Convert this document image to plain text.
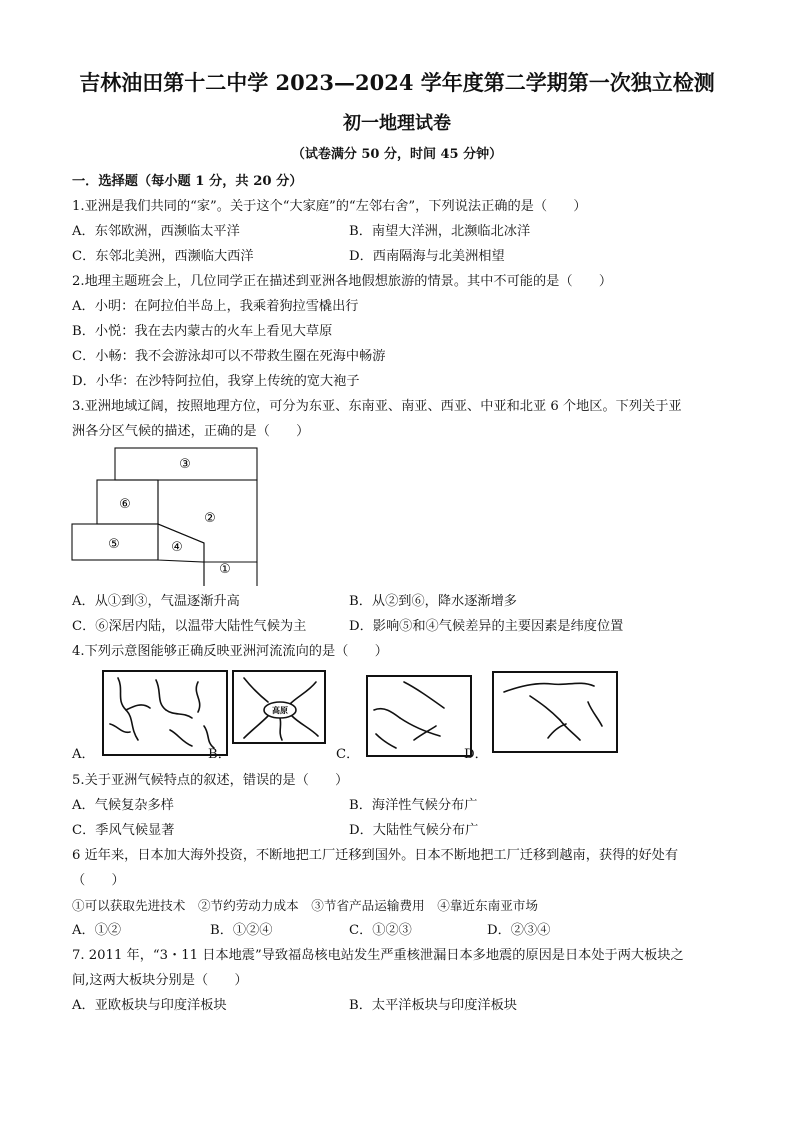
吉林油田第十二中学 2023—2024 学年度第二学期第一次独立检测
初一地理试卷
（试卷满分 50 分，时间 45 分钟）
一．选择题（每小题 1 分，共 20 分）
1.亚洲是我们共同的“家”。关于这个“大家庭”的“左邻右舍”，下列说法正确的是（　　）
A．东邻欧洲，西濒临太平洋	B．南望大洋洲，北濒临北冰洋
C．东邻北美洲，西濒临大西洋	D．西南隔海与北美洲相望
2.地理主题班会上，几位同学正在描述到亚洲各地假想旅游的情景。其中不可能的是（　　）
A．小明：在阿拉伯半岛上，我乘着狗拉雪橇出行
B．小悦：我在去内蒙古的火车上看见大草原
C．小畅：我不会游泳却可以不带救生圈在死海中畅游
D．小华：在沙特阿拉伯，我穿上传统的宽大袍子
3.亚洲地域辽阔，按照地理方位，可分为东亚、东南亚、南亚、西亚、中亚和北亚 6 个地区。下列关于亚
洲各分区气候的描述，正确的是（　　）
③
⑥
②
⑤	④
①
A．从①到③，气温逐渐升高	B．从②到⑥，降水逐渐增多
C．⑥深居内陆，以温带大陆性气候为主	D．影响⑤和④气候差异的主要因素是纬度位置
4.下列示意图能够正确反映亚洲河流流向的是（　　）
A．
高原
B．	C．	D．
5.关于亚洲气候特点的叙述，错误的是（　　）
A．气候复杂多样	B．海洋性气候分布广
C．季风气候显著	D．大陆性气候分布广
6 近年来，日本加大海外投资，不断地把工厂迁移到国外。日本不断地把工厂迁移到越南，获得的好处有
（　　）
①可以获取先进技术　②节约劳动力成本　③节省产品运输费用　④靠近东南亚市场
A．①②	B．①②④	C．①②③	D．②③④
7. 2011 年，“3・11 日本地震”导致福岛核电站发生严重核泄漏日本多地震的原因是日本处于两大板块之
间,这两大板块分别是（　　）
A．亚欧板块与印度洋板块	B．太平洋板块与印度洋板块
